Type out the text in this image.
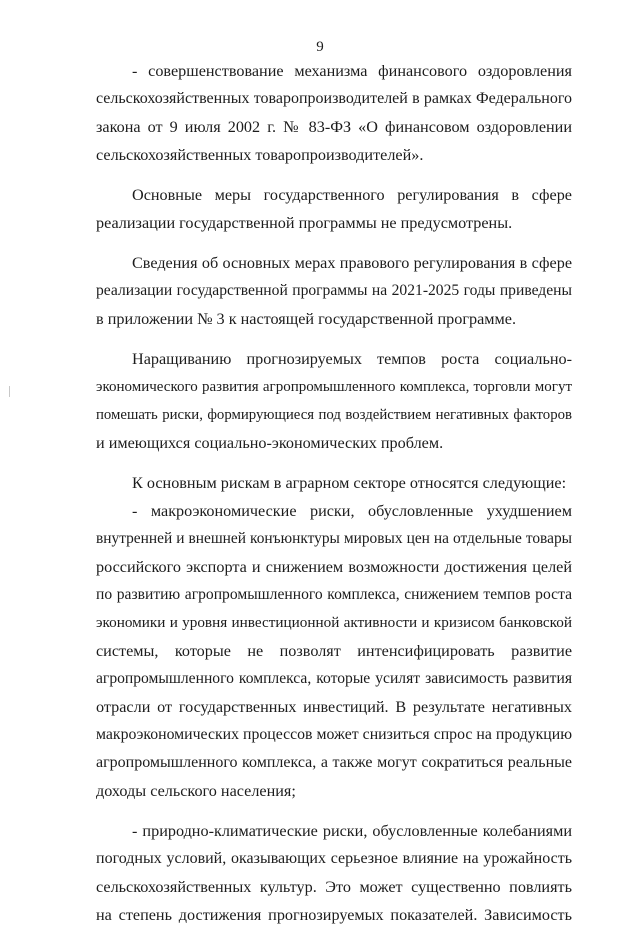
9
- совершенствование механизма финансового оздоровления
сельскохозяйственных товаропроизводителей в рамках Федерального
закона от 9 июля 2002 г. № 83-ФЗ «О финансовом оздоровлении
сельскохозяйственных товаропроизводителей».
Основные меры государственного регулирования в сфере
реализации государственной программы не предусмотрены.
Сведения об основных мерах правового регулирования в сфере
реализации государственной программы на 2021-2025 годы приведены
в приложении № 3 к настоящей государственной программе.
Наращиванию прогнозируемых темпов роста социально-
экономического развития агропромышленного комплекса, торговли могут
помешать риски, формирующиеся под воздействием негативных факторов
и имеющихся социально-экономических проблем.
К основным рискам в аграрном секторе относятся следующие:
- макроэкономические риски, обусловленные ухудшением
внутренней и внешней конъюнктуры мировых цен на отдельные товары
российского экспорта и снижением возможности достижения целей
по развитию агропромышленного комплекса, снижением темпов роста
экономики и уровня инвестиционной активности и кризисом банковской
системы, которые не позволят интенсифицировать развитие
агропромышленного комплекса, которые усилят зависимость развития
отрасли от государственных инвестиций. В результате негативных
макроэкономических процессов может снизиться спрос на продукцию
агропромышленного комплекса, а также могут сократиться реальные
доходы сельского населения;
- природно-климатические риски, обусловленные колебаниями
погодных условий, оказывающих серьезное влияние на урожайность
сельскохозяйственных культур. Это может существенно повлиять
на степень достижения прогнозируемых показателей. Зависимость
